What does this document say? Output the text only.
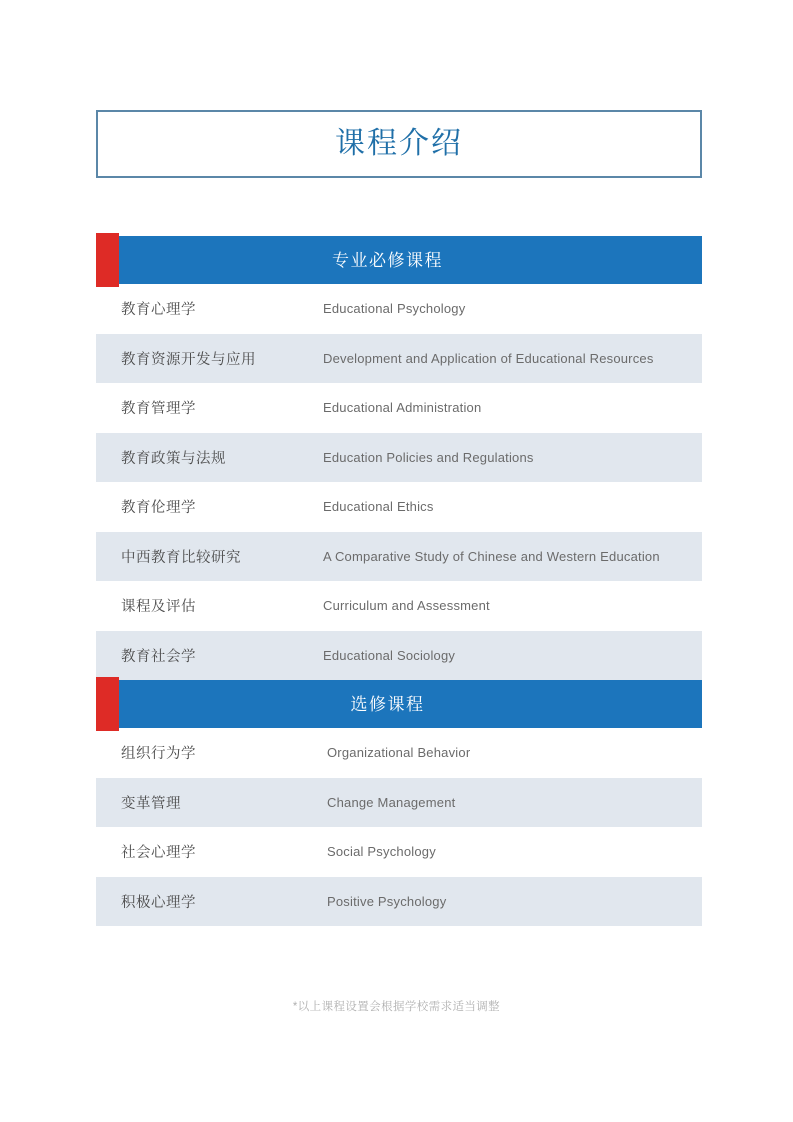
课程介绍
专业必修课程
教育心理学	Educational Psychology
教育资源开发与应用	Development and Application of Educational Resources
教育管理学	Educational Administration
教育政策与法规	Education Policies and Regulations
教育伦理学	Educational Ethics
中西教育比较研究	A Comparative Study of Chinese and Western Education
课程及评估	Curriculum and Assessment
教育社会学	Educational Sociology
选修课程
组织行为学	Organizational Behavior
变革管理	Change Management
社会心理学	Social Psychology
积极心理学	Positive Psychology
*以上课程设置会根据学校需求适当调整
